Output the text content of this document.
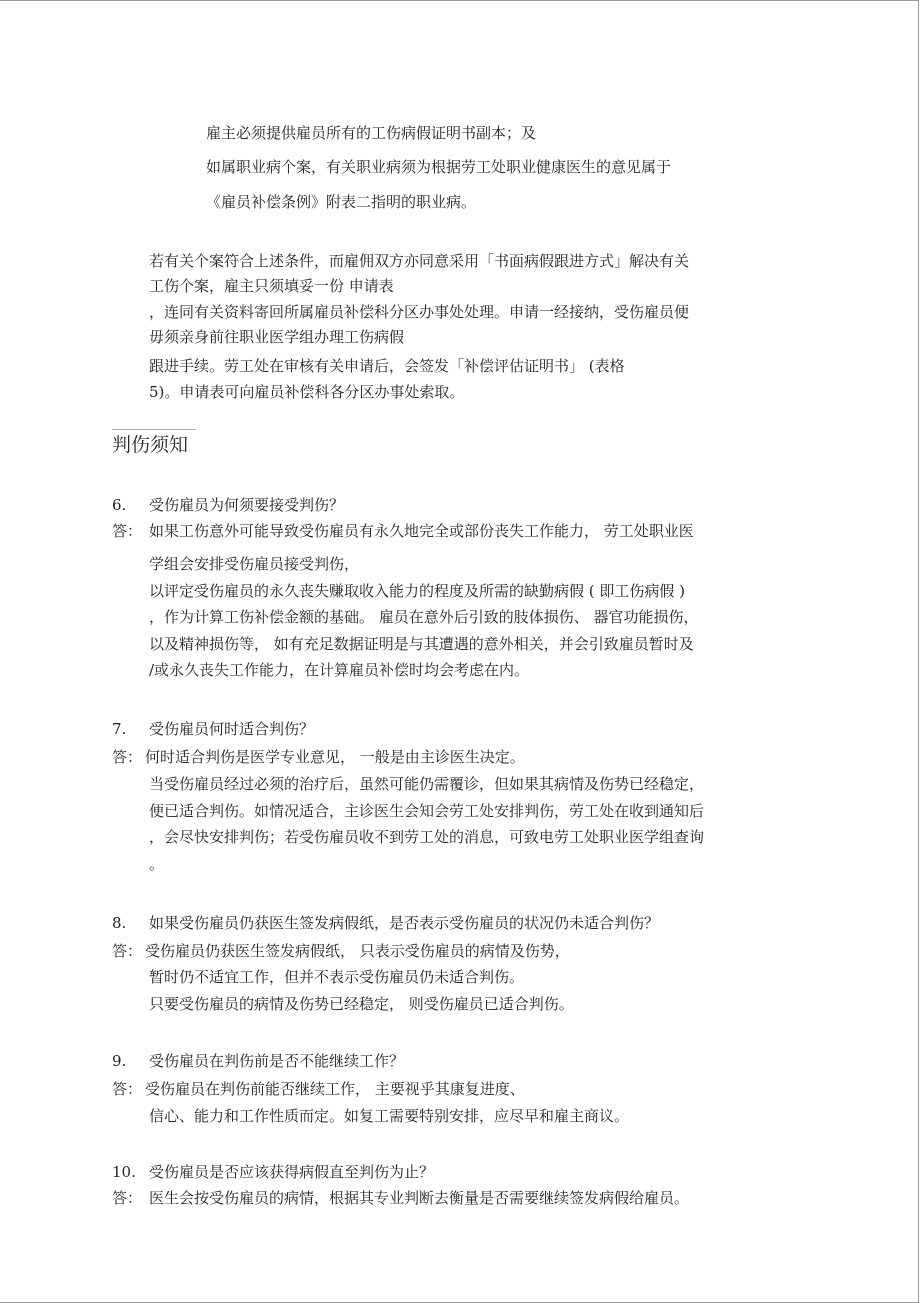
雇主必须提供雇员所有的工伤病假证明书副本；及
如属职业病个案，有关职业病须为根据劳工处职业健康医生的意见属于
《雇员补偿条例》附表二指明的职业病。
若有关个案符合上述条件，而雇佣双方亦同意采用「书面病假跟进方式」解决有关
工伤个案，雇主只须填妥一份 申请表
，连同有关资料寄回所属雇员补偿科分区办事处处理。申请一经接纳，受伤雇员便
毋须亲身前往职业医学组办理工伤病假
跟进手续。劳工处在审核有关申请后，会签发「补偿评估证明书」 (表格
5)。申请表可向雇员补偿科各分区办事处索取。
判伤须知
6. 受伤雇员为何须要接受判伤？
答： 如果工伤意外可能导致受伤雇员有永久地完全或部份丧失工作能力， 劳工处职业医
学组会安排受伤雇员接受判伤，
以评定受伤雇员的永久丧失赚取收入能力的程度及所需的缺勤病假 ( 即工伤病假 )
，作为计算工伤补偿金额的基础。 雇员在意外后引致的肢体损伤、 器官功能损伤，
以及精神损伤等， 如有充足数据证明是与其遭遇的意外相关，并会引致雇员暂时及
/或永久丧失工作能力，在计算雇员补偿时均会考虑在内。
7. 受伤雇员何时适合判伤？
答： 何时适合判伤是医学专业意见， 一般是由主诊医生决定。
当受伤雇员经过必须的治疗后，虽然可能仍需覆诊，但如果其病情及伤势已经稳定，
便已适合判伤。如情况适合，主诊医生会知会劳工处安排判伤，劳工处在收到通知后
，会尽快安排判伤；若受伤雇员收不到劳工处的消息，可致电劳工处职业医学组查询
。
8. 如果受伤雇员仍获医生签发病假纸，是否表示受伤雇员的状况仍未适合判伤？
答： 受伤雇员仍获医生签发病假纸， 只表示受伤雇员的病情及伤势，
暂时仍不适宜工作，但并不表示受伤雇员仍未适合判伤。
只要受伤雇员的病情及伤势已经稳定， 则受伤雇员已适合判伤。
9. 受伤雇员在判伤前是否不能继续工作？
答： 受伤雇员在判伤前能否继续工作， 主要视乎其康复进度、
信心、能力和工作性质而定。如复工需要特别安排，应尽早和雇主商议。
10. 受伤雇员是否应该获得病假直至判伤为止？
答： 医生会按受伤雇员的病情，根据其专业判断去衡量是否需要继续签发病假给雇员。
